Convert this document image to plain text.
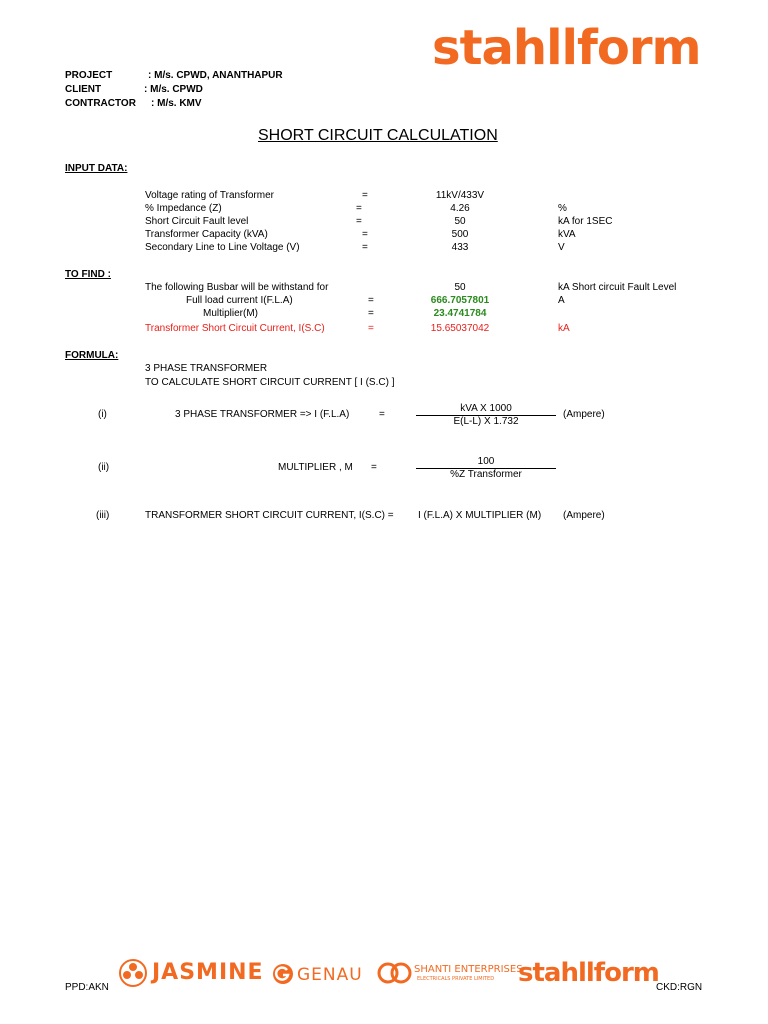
stahllform
PROJECT	: M/s. CPWD, ANANTHAPUR
CLIENT	: M/s. CPWD
CONTRACTOR : M/s. KMV
SHORT CIRCUIT CALCULATION
INPUT DATA:
Voltage rating of Transformer	=	11kV/433V
% Impedance (Z)	=	4.26	%
Short Circuit Fault level	=	50	kA for 1SEC
Transformer Capacity (kVA)	=	500	kVA
Secondary Line to Line Voltage (V)	=	433	V
TO FIND :
The following Busbar will be withstand for	50	kA Short circuit Fault Level
Full load current I(F.L.A)	=	666.7057801	A
Multiplier(M)	=	23.4741784
Transformer Short Circuit Current, I(S.C)	=	15.65037042	kA
FORMULA:
3 PHASE TRANSFORMER
TO CALCULATE SHORT CIRCUIT CURRENT [ I (S.C) ]
(i)	3 PHASE TRANSFORMER => I (F.L.A)	=
kVA X 1000
E(L-L) X 1.732
(Ampere)
(ii)	MULTIPLIER , M =
100
%Z Transformer
(iii)	TRANSFORMER SHORT CIRCUIT CURRENT, I(S.C) = I (F.L.A) X MULTIPLIER (M) (Ampere)
PPD:AKN	CKD:RGN
JASMINE GENAU	SHANTI ENTERPRISES
ELECTRICALS PRIVATE LIMITED stahllform
